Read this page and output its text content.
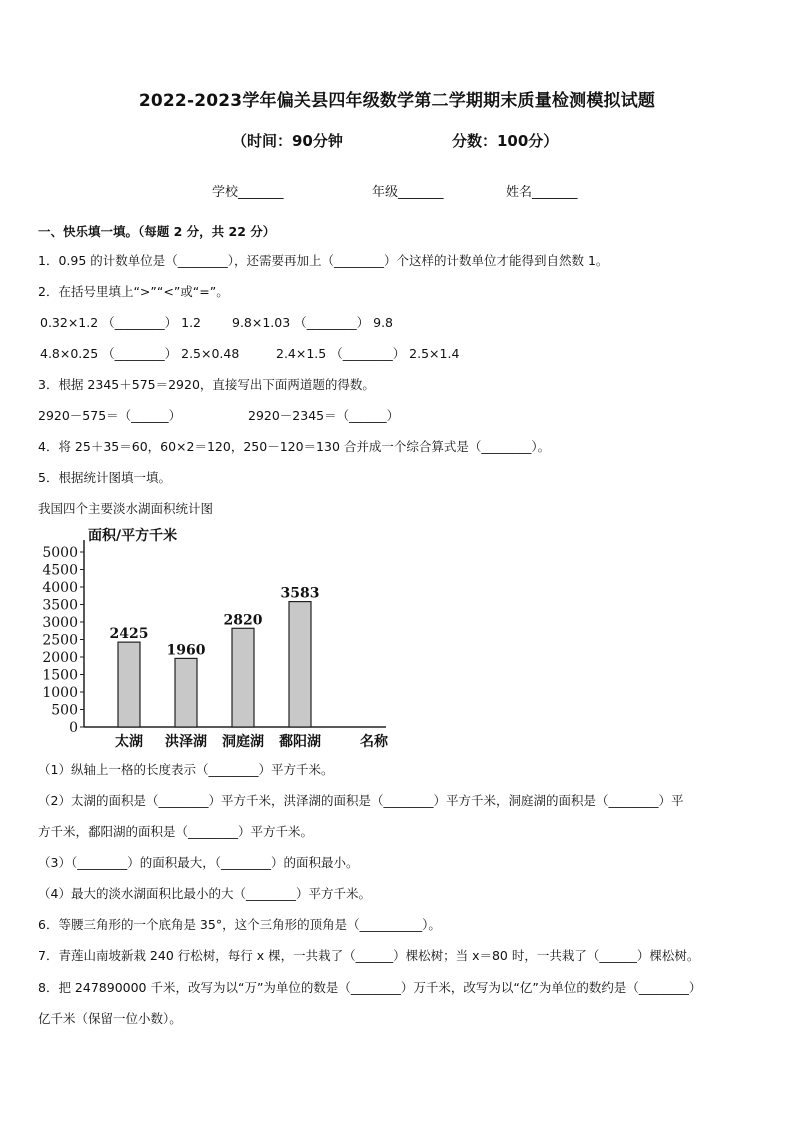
2022-2023学年偏关县四年级数学第二学期期末质量检测模拟试题
（时间：90分钟	分数：100分）
学校_______	年级_______	姓名_______
一、快乐填一填。（每题 2 分，共 22 分）
1．0.95 的计数单位是（________），还需要再加上（________）个这样的计数单位才能得到自然数 1。
2．在括号里填上“>”“<”或“=”。
0.32×1.2 （________） 1.2 9.8×1.03 （________） 9.8
4.8×0.25 （________） 2.5×0.48	2.4×1.5 （________） 2.5×1.4
3．根据 2345＋575＝2920，直接写出下面两道题的得数。
2920－575＝（______）	2920－2345＝（______）
4．将 25＋35＝60，60×2＝120，250－120＝130 合并成一个综合算式是（________）。
5．根据统计图填一填。
我国四个主要淡水湖面积统计图
面积/平方千米
0
500
1000
1500
2000
2500
3000
3500
4000
4500
5000
2425
太湖
1960
洪泽湖
2820
洞庭湖
3583
鄱阳湖	名称
（1）纵轴上一格的长度表示（________）平方千米。
（2）太湖的面积是（________）平方千米，洪泽湖的面积是（________）平方千米，洞庭湖的面积是（________）平
方千米，鄱阳湖的面积是（________）平方千米。
（3）（________）的面积最大，（________）的面积最小。
（4）最大的淡水湖面积比最小的大（________）平方千米。
6．等腰三角形的一个底角是 35°，这个三角形的顶角是（__________）。
7．青莲山南坡新栽 240 行松树，每行 x 棵，一共栽了（______）棵松树；当 x＝80 时，一共栽了（______）棵松树。
8．把 247890000 千米，改写为以“万”为单位的数是（________）万千米，改写为以“亿”为单位的数约是（________）
亿千米（保留一位小数）。
